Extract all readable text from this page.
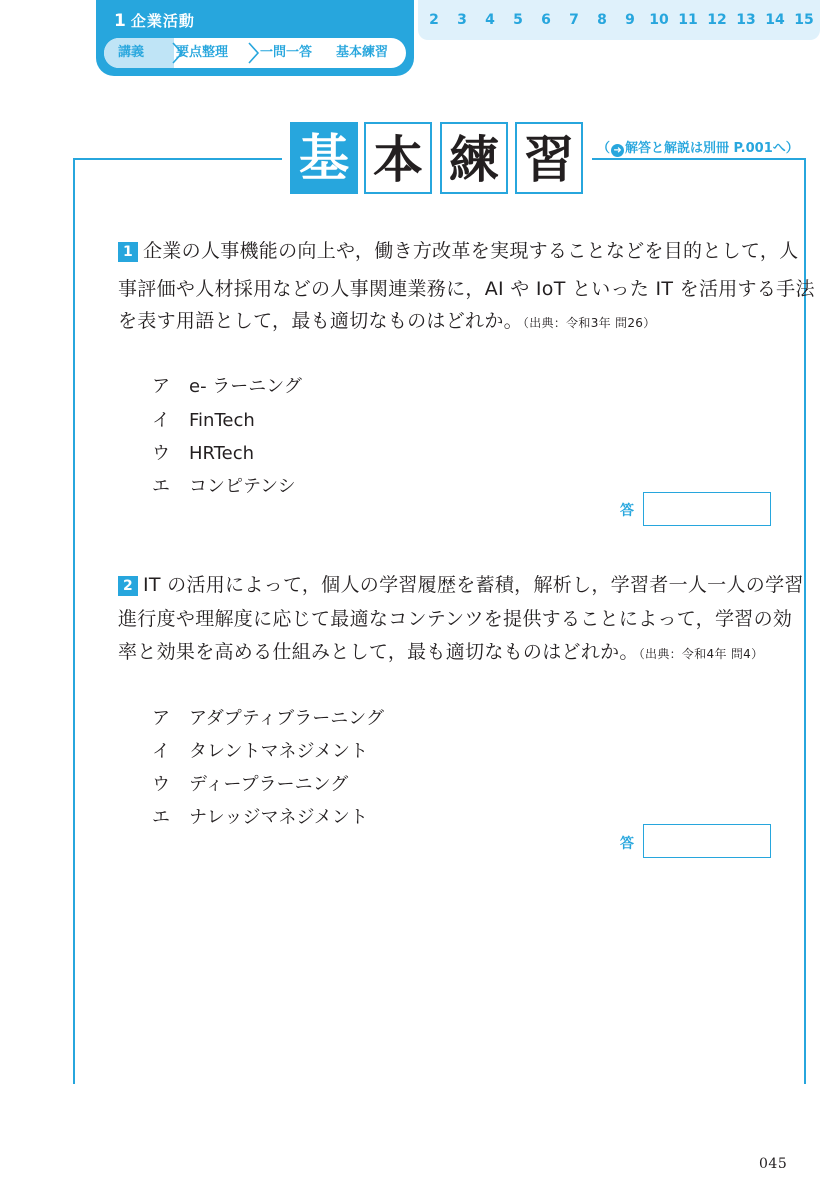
1 企業活動
講義 要点整理 一問一答 基本練習
2	3	4	5	6	7	8	9	10 11 12 13 14 15
基 本 練 習	（ ➜ 解答と解説は別冊 P.001へ）
1 企業の人事機能の向上や，働き方改革を実現することなどを目的として，人
事評価や人材採用などの人事関連業務に，AI や IoT といった IT を活用する手法
を表す用語として，最も適切なものはどれか。（出典：令和3年 問26）
ア e- ラーニング
イ FinTech
ウ HRTech
エ コンピテンシ
答
2 IT の活用によって，個人の学習履歴を蓄積，解析し，学習者一人一人の学習
進行度や理解度に応じて最適なコンテンツを提供することによって，学習の効
率と効果を高める仕組みとして，最も適切なものはどれか。（出典：令和4年 問4）
ア アダプティブラーニング
イ タレントマネジメント
ウ ディープラーニング
エ ナレッジマネジメント
答
045
